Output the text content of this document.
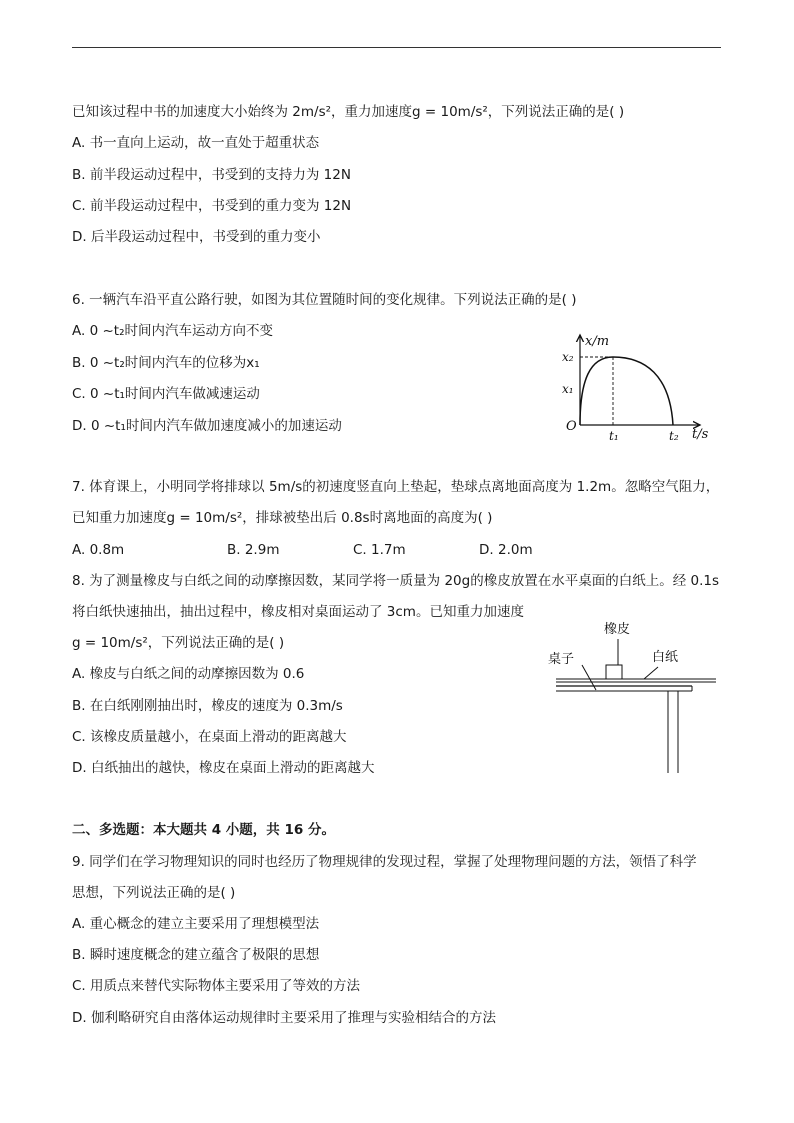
已知该过程中书的加速度大小始终为 2m/s²，重力加速度g = 10m/s²，下列说法正确的是( )
A. 书一直向上运动，故一直处于超重状态
B. 前半段运动过程中，书受到的支持力为 12N
C. 前半段运动过程中，书受到的重力变为 12N
D. 后半段运动过程中，书受到的重力变小
6. 一辆汽车沿平直公路行驶，如图为其位置随时间的变化规律。下列说法正确的是( )
A. 0 ~t₂时间内汽车运动方向不变
B. 0 ~t₂时间内汽车的位移为x₁
C. 0 ~t₁时间内汽车做减速运动
D. 0 ~t₁时间内汽车做加速度减小的加速运动
x/m
t/s
O
x₂
x₁
t₁	t₂
7. 体育课上，小明同学将排球以 5m/s的初速度竖直向上垫起，垫球点离地面高度为 1.2m。忽略空气阻力，
已知重力加速度g = 10m/s²，排球被垫出后 0.8s时离地面的高度为( )
A. 0.8m	B. 2.9m	C. 1.7m	D. 2.0m
8. 为了测量橡皮与白纸之间的动摩擦因数，某同学将一质量为 20g的橡皮放置在水平桌面的白纸上。经 0.1s
将白纸快速抽出，抽出过程中，橡皮相对桌面运动了 3cm。已知重力加速度
g = 10m/s²，下列说法正确的是( )
A. 橡皮与白纸之间的动摩擦因数为 0.6
B. 在白纸刚刚抽出时，橡皮的速度为 0.3m/s
C. 该橡皮质量越小，在桌面上滑动的距离越大
D. 白纸抽出的越快，橡皮在桌面上滑动的距离越大
橡皮
桌子	白纸
二、多选题：本大题共 4 小题，共 16 分。
9. 同学们在学习物理知识的同时也经历了物理规律的发现过程，掌握了处理物理问题的方法，领悟了科学
思想，下列说法正确的是( )
A. 重心概念的建立主要采用了理想模型法
B. 瞬时速度概念的建立蕴含了极限的思想
C. 用质点来替代实际物体主要采用了等效的方法
D. 伽利略研究自由落体运动规律时主要采用了推理与实验相结合的方法
